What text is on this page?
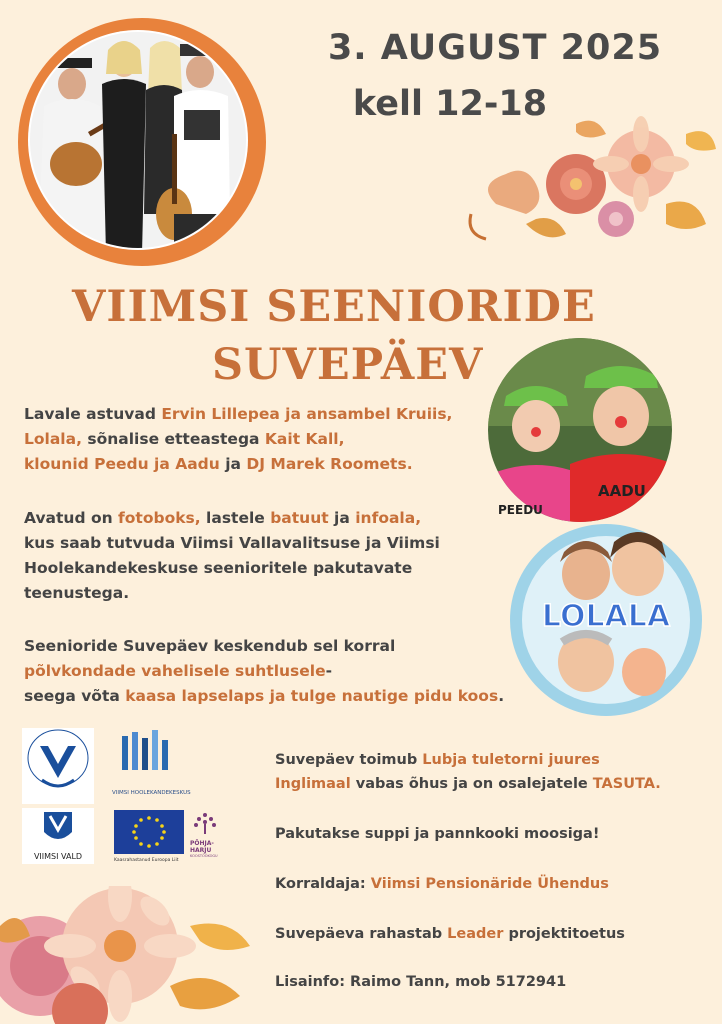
3. AUGUST 2025
kell 12-18
VIIMSI SEENIORIDE
SUVEPÄEV
AADU
PEEDU
LOLALA

Lavale astuvad Ervin Lillepea ja ansambel Kruiis,
Lolala, sõnalise etteastega Kait Kall,
klounid Peedu ja Aadu ja DJ Marek Roomets.

Avatud on fotoboks, lastele batuut ja infoala,
kus saab tutvuda Viimsi Vallavalitsuse ja Viimsi
Hoolekandekeskuse seenioritele pakutavate
teenustega.

Seenioride Suvepäev keskendub sel korral
põlvkondade vahelisele suhtlusele-
seega võta kaasa lapselaps ja tulge nautige pidu koos.

VIIMSI HOOLEKANDEKESKUS
VIIMSI VALD	Kaasrahastanud Euroopa Liit
PÕHJA-
HARJU
KOOSTÖÖKOGU

Suvepäev toimub Lubja tuletorni juures
Inglimaal vabas õhus ja on osalejatele TASUTA.

Pakutakse suppi ja pannkooki moosiga!

Korraldaja: Viimsi Pensionäride Ühendus

Suvepäeva rahastab Leader projektitoetus

Lisainfo: Raimo Tann, mob 5172941
